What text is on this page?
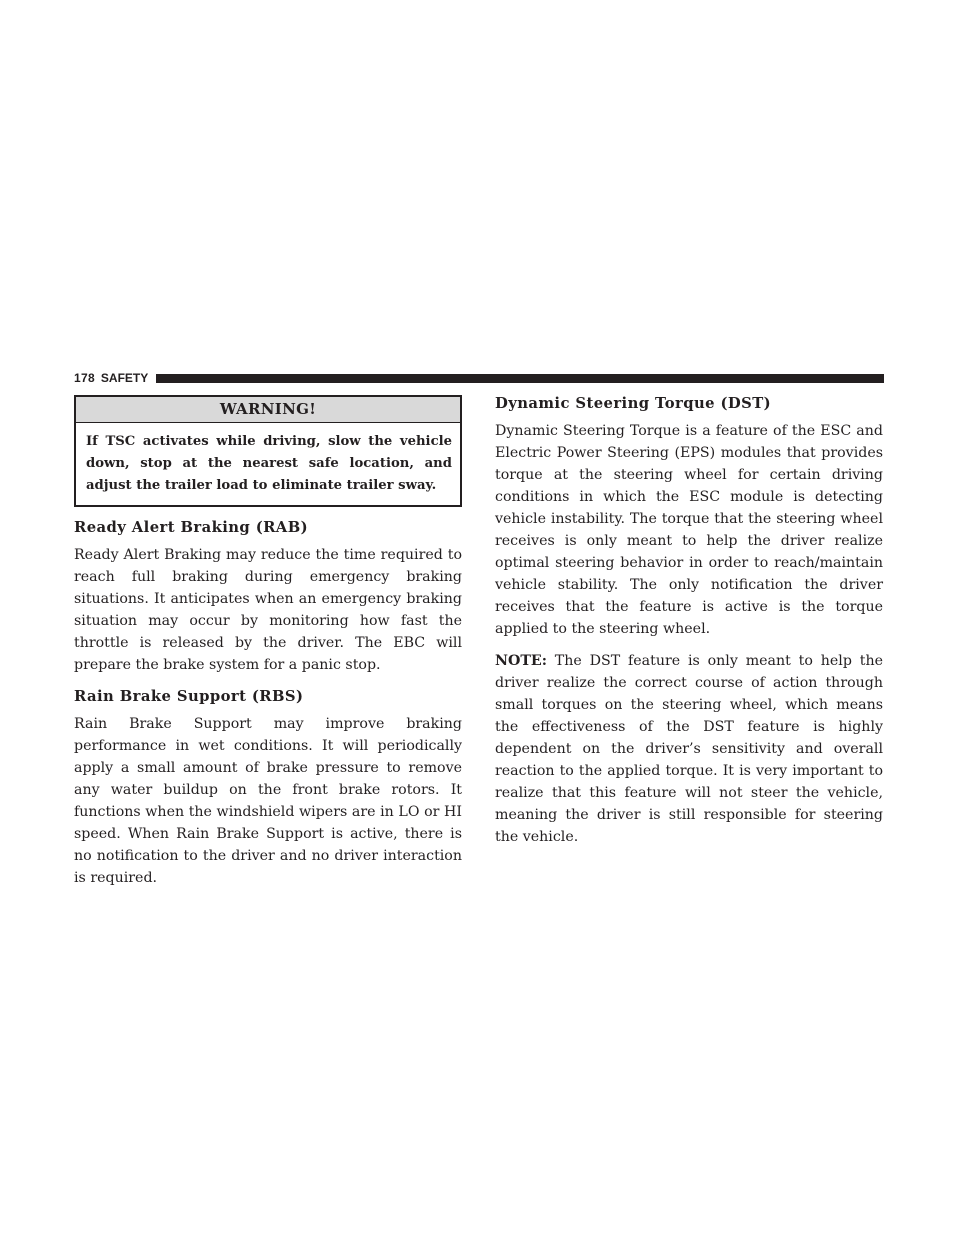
178 SAFETY
WARNING!
If TSC activates while driving, slow the vehicle down, stop at the nearest safe location, and adjust the trailer load to eliminate trailer sway.
Ready Alert Braking (RAB)

Ready Alert Braking may reduce the time required to reach full braking during emergency braking situations. It anticipates when an emergency braking situation may occur by monitoring how fast the throttle is released by the driver. The EBC will prepare the brake system for a panic stop.

Rain Brake Support (RBS)

Rain Brake Support may improve braking performance in wet conditions. It will periodically apply a small amount of brake pressure to remove any water buildup on the front brake rotors. It functions when the windshield wipers are in LO or HI speed. When Rain Brake Support is active, there is no notification to the driver and no driver interaction is required.

Dynamic Steering Torque (DST)

Dynamic Steering Torque is a feature of the ESC and Electric Power Steering (EPS) modules that provides torque at the steering wheel for certain driving conditions in which the ESC module is detecting vehicle instability. The torque that the steering wheel receives is only meant to help the driver realize optimal steering behavior in order to reach/maintain vehicle stability. The only notification the driver receives that the feature is active is the torque applied to the steering wheel.

NOTE: The DST feature is only meant to help the driver realize the correct course of action through small torques on the steering wheel, which means the effectiveness of the DST feature is highly dependent on the driver’s sensitivity and overall reaction to the applied torque. It is very important to realize that this feature will not steer the vehicle, meaning the driver is still responsible for steering the vehicle.
